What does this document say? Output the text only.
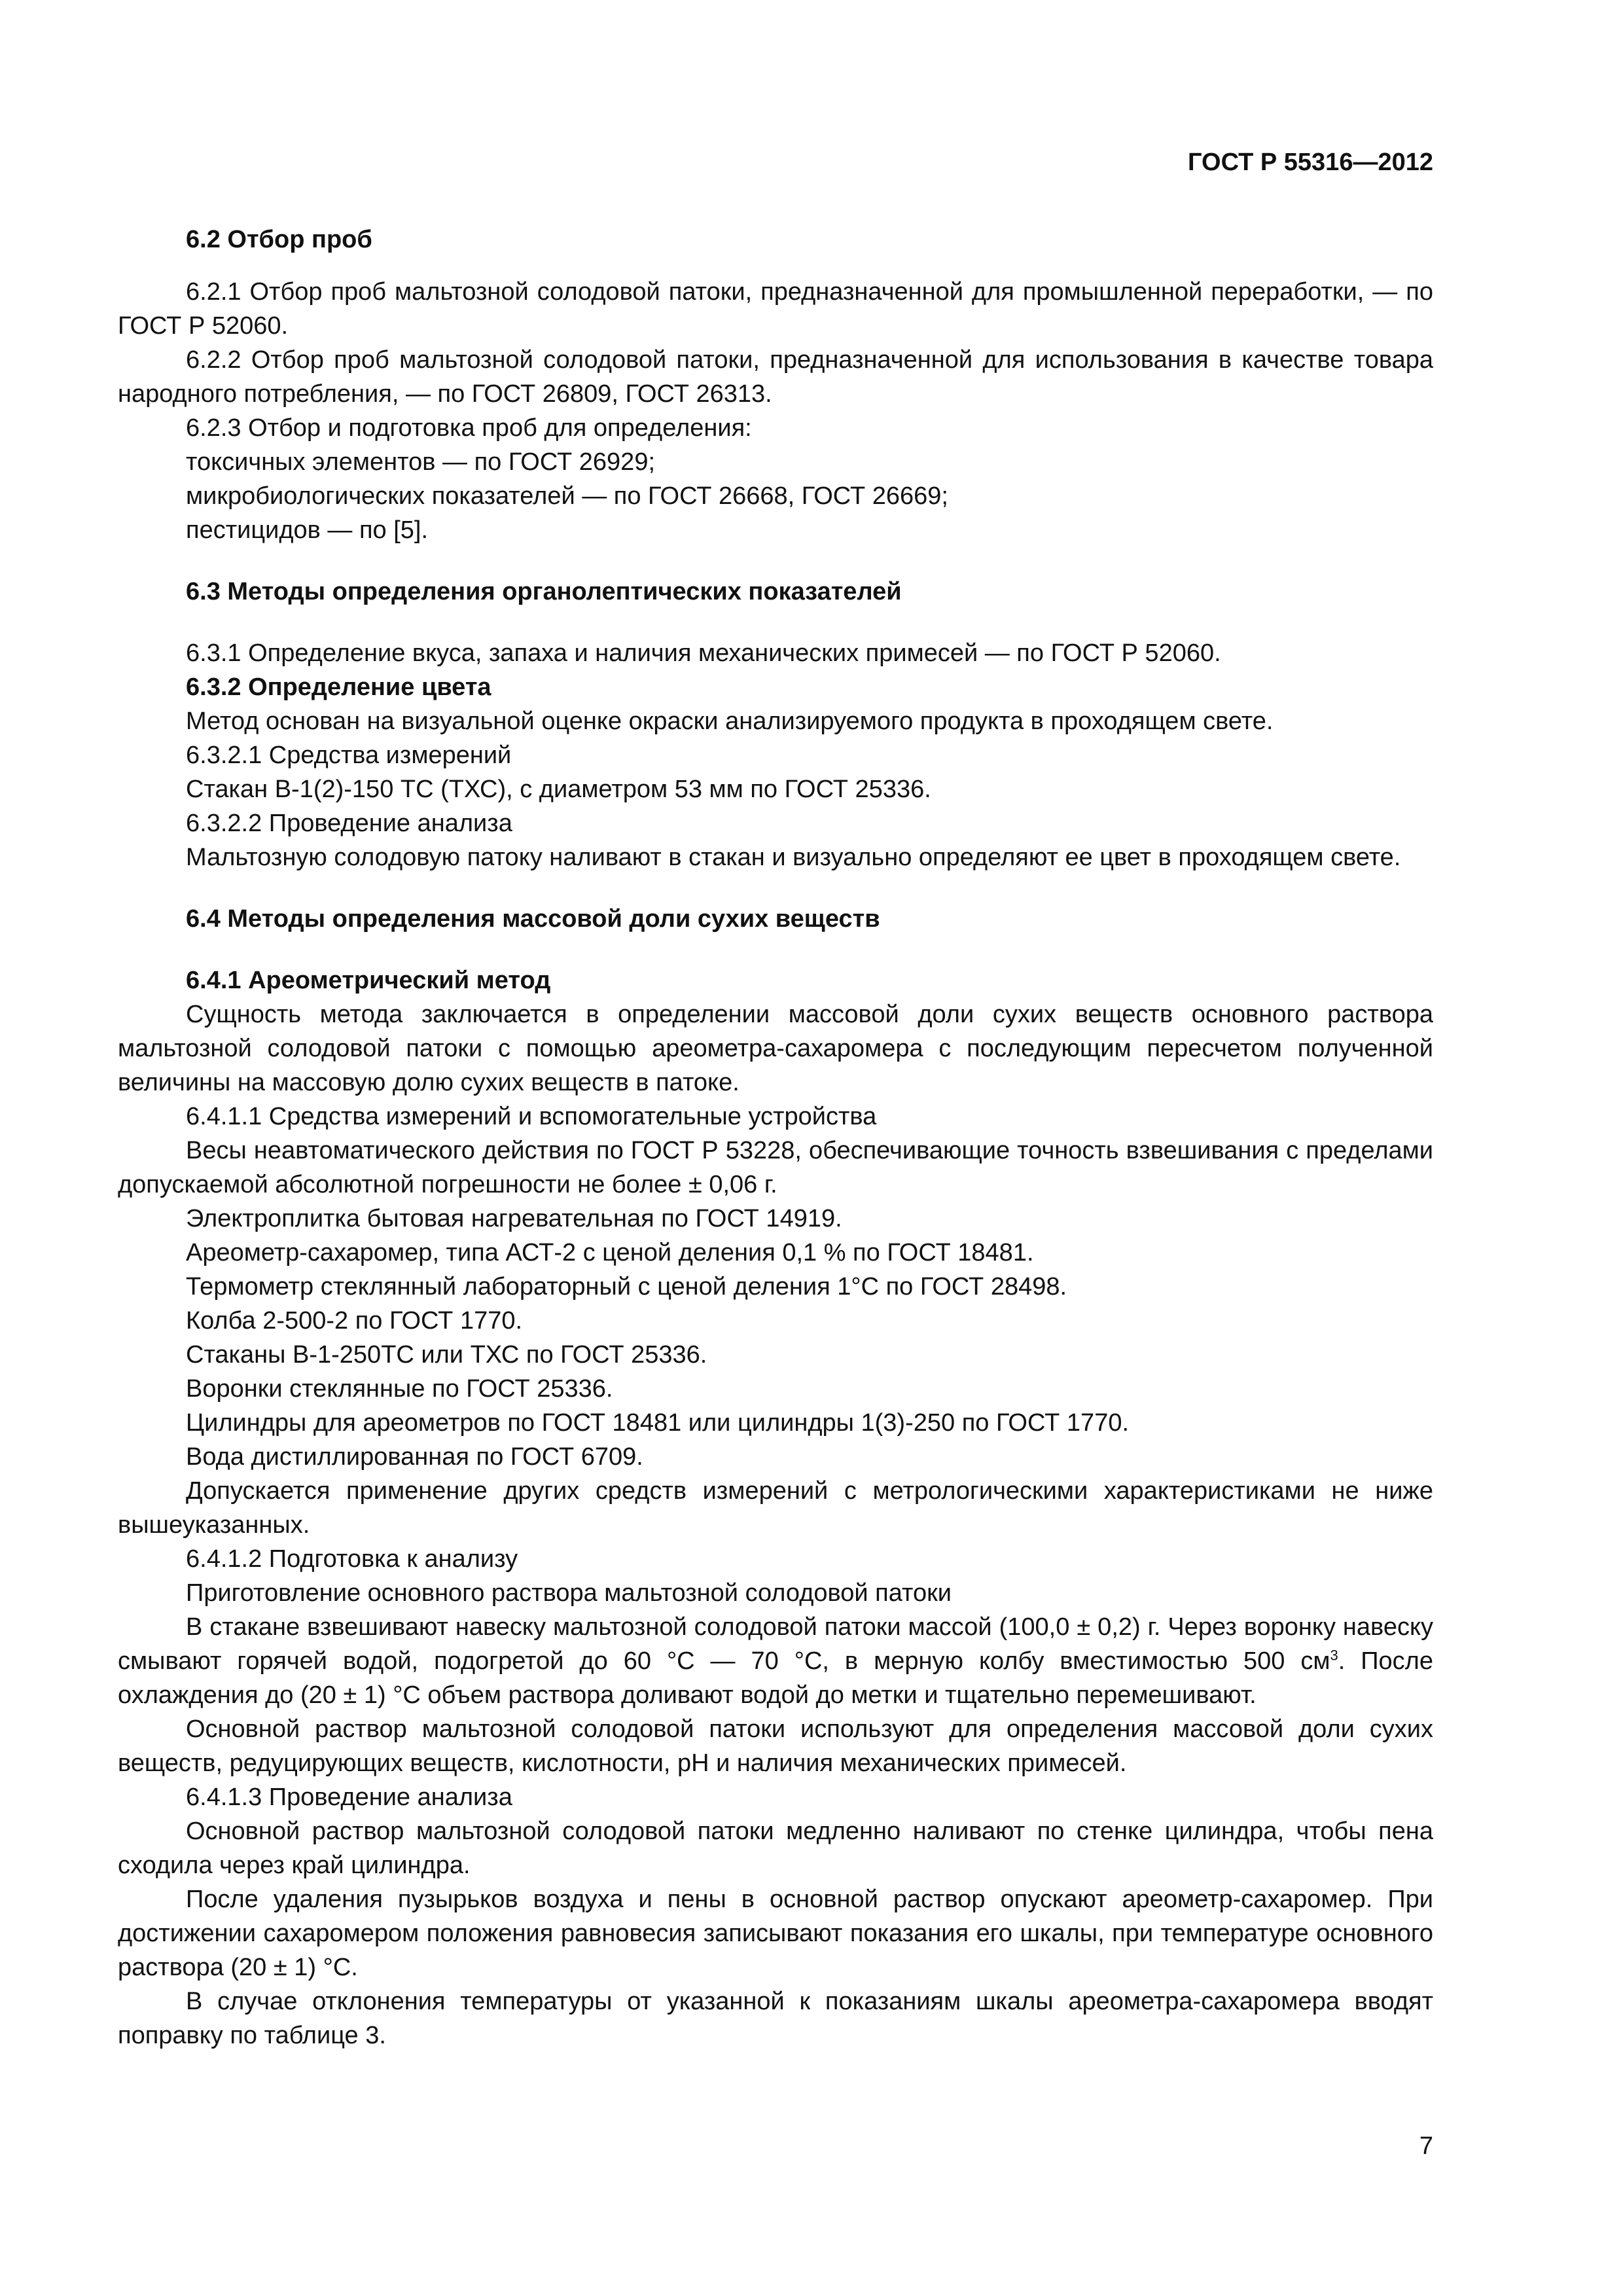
ГОСТ Р 55316—2012

6.2 Отбор проб

6.2.1 Отбор проб мальтозной солодовой патоки, предназначенной для промышленной переработки, — по ГОСТ Р 52060.

6.2.2 Отбор проб мальтозной солодовой патоки, предназначенной для использования в качестве товара народного потребления, — по ГОСТ 26809, ГОСТ 26313.

6.2.3 Отбор и подготовка проб для определения:

токсичных элементов — по ГОСТ 26929;

микробиологических показателей — по ГОСТ 26668, ГОСТ 26669;

пестицидов — по [5].

6.3 Методы определения органолептических показателей

6.3.1 Определение вкуса, запаха и наличия механических примесей — по ГОСТ Р 52060.

6.3.2 Определение цвета

Метод основан на визуальной оценке окраски анализируемого продукта в проходящем свете.

6.3.2.1 Средства измерений

Стакан В-1(2)-150 ТС (ТХС), с диаметром 53 мм по ГОСТ 25336.

6.3.2.2 Проведение анализа

Мальтозную солодовую патоку наливают в стакан и визуально определяют ее цвет в проходящем свете.

6.4 Методы определения массовой доли сухих веществ

6.4.1 Ареометрический метод

Сущность метода заключается в определении массовой доли сухих веществ основного раствора мальтозной солодовой патоки с помощью ареометра-сахаромера с последующим пересчетом полученной величины на массовую долю сухих веществ в патоке.

6.4.1.1 Средства измерений и вспомогательные устройства

Весы неавтоматического действия по ГОСТ Р 53228, обеспечивающие точность взвешивания с пределами допускаемой абсолютной погрешности не более ± 0,06 г.

Электроплитка бытовая нагревательная по ГОСТ 14919.

Ареометр-сахаромер, типа АСТ-2 с ценой деления 0,1 % по ГОСТ 18481.

Термометр стеклянный лабораторный с ценой деления 1°С по ГОСТ 28498.

Колба 2-500-2 по ГОСТ 1770.

Стаканы В-1-250ТС или ТХС по ГОСТ 25336.

Воронки стеклянные по ГОСТ 25336.

Цилиндры для ареометров по ГОСТ 18481 или цилиндры 1(3)-250 по ГОСТ 1770.

Вода дистиллированная по ГОСТ 6709.

Допускается применение других средств измерений с метрологическими характеристиками не ниже вышеуказанных.

6.4.1.2 Подготовка к анализу

Приготовление основного раствора мальтозной солодовой патоки

В стакане взвешивают навеску мальтозной солодовой патоки массой (100,0 ± 0,2) г. Через воронку навеску смывают горячей водой, подогретой до 60 °С — 70 °С, в мерную колбу вместимостью 500 $см^3$. После охлаждения до (20 ± 1) °С объем раствора доливают водой до метки и тщательно перемешивают.

Основной раствор мальтозной солодовой патоки используют для определения массовой доли сухих веществ, редуцирующих веществ, кислотности, pH и наличия механических примесей.

6.4.1.3 Проведение анализа

Основной раствор мальтозной солодовой патоки медленно наливают по стенке цилиндра, чтобы пена сходила через край цилиндра.

После удаления пузырьков воздуха и пены в основной раствор опускают ареометр-сахаромер. При достижении сахаромером положения равновесия записывают показания его шкалы, при температуре основного раствора (20 ± 1) °С.

В случае отклонения температуры от указанной к показаниям шкалы ареометра-сахаромера вводят поправку по таблице 3.

7
